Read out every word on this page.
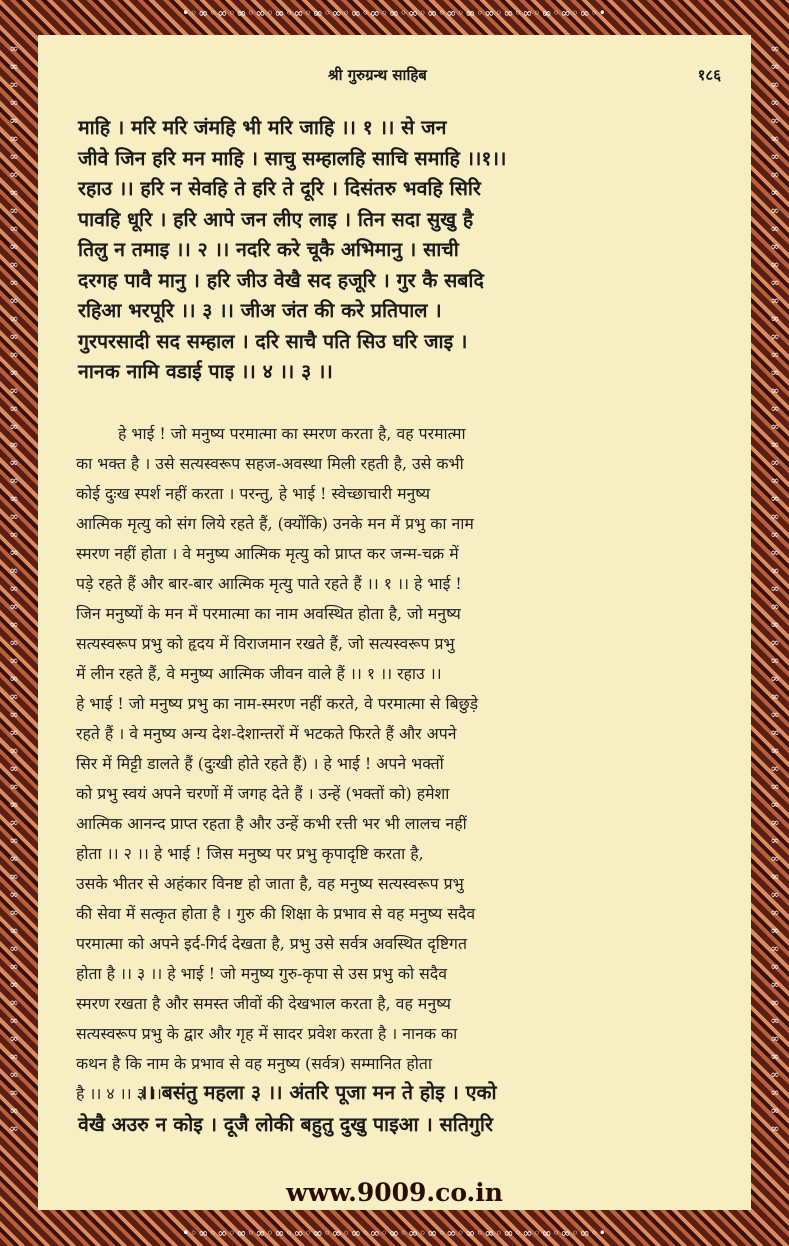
•◦∞◦∞◦∞◦∞◦∞◦∞◦∞◦∞◦∞◦∞◦∞◦∞◦∞◦∞◦∞◦∞◦∞◦∞◦∞◦∞◦∞◦•
•◦∞◦∞◦∞◦∞◦∞◦∞◦∞◦∞◦∞◦∞◦∞◦∞◦∞◦∞◦∞◦∞◦∞◦∞◦∞◦∞◦∞◦•
∞ ∞ ∞ ∞ ∞ ∞ ∞ ∞ ∞ ∞ ∞ ∞ ∞ ∞ ∞ ∞ ∞ ∞ ∞ ∞ ∞ ∞ ∞ ∞ ∞ ∞ ∞ ∞ ∞ ∞ ∞ ∞ ∞ ∞ ∞ ∞ ∞ ∞ ∞ ∞ ∞ ∞ ∞ ∞ ∞ ∞ ∞ ∞ ∞ ∞ ∞ ∞ ∞ ∞ ∞ ∞ ∞ ∞ ∞ ∞ ∞
∞ ∞ ∞ ∞ ∞ ∞ ∞ ∞ ∞ ∞ ∞ ∞ ∞ ∞ ∞ ∞ ∞ ∞ ∞ ∞ ∞ ∞ ∞ ∞ ∞ ∞ ∞ ∞ ∞ ∞ ∞ ∞ ∞ ∞ ∞ ∞ ∞ ∞ ∞ ∞ ∞ ∞ ∞ ∞ ∞ ∞ ∞ ∞ ∞ ∞ ∞ ∞ ∞ ∞ ∞ ∞ ∞ ∞ ∞ ∞ ∞
श्री गुरुग्रन्थ साहिब	१८६
माहि । मरि मरि जंमहि भी मरि जाहि ।। १ ।। से जन
जीवे जिन हरि मन माहि । साचु सम्हालहि साचि समाहि ।।१।।
रहाउ ।। हरि न सेवहि ते हरि ते दूरि । दिसंतरु भवहि सिरि
पावहि धूरि । हरि आपे जन लीए लाइ । तिन सदा सुखु है
तिलु न तमाइ ।। २ ।। नदरि करे चूकै अभिमानु । साची
दरगह पावै मानु । हरि जीउ वेखै सद हजूरि । गुर कै सबदि
रहिआ भरपूरि ।। ३ ।। जीअ जंत की करे प्रतिपाल ।
गुरपरसादी सद सम्हाल । दरि साचै पति सिउ घरि जाइ ।
नानक नामि वडाई पाइ ।। ४ ।। ३ ।।
हे भाई ! जो मनुष्य परमात्मा का स्मरण करता है, वह परमात्मा
का भक्त है । उसे सत्यस्वरूप सहज-अवस्था मिली रहती है, उसे कभी
कोई दुःख स्पर्श नहीं करता । परन्तु, हे भाई ! स्वेच्छाचारी मनुष्य
आत्मिक मृत्यु को संग लिये रहते हैं, (क्योंकि) उनके मन में प्रभु का नाम
स्मरण नहीं होता । वे मनुष्य आत्मिक मृत्यु को प्राप्त कर जन्म-चक्र में
पड़े रहते हैं और बार-बार आत्मिक मृत्यु पाते रहते हैं ।। १ ।। हे भाई !
जिन मनुष्यों के मन में परमात्मा का नाम अवस्थित होता है, जो मनुष्य
सत्यस्वरूप प्रभु को हृदय में विराजमान रखते हैं, जो सत्यस्वरूप प्रभु
में लीन रहते हैं, वे मनुष्य आत्मिक जीवन वाले हैं ।। १ ।। रहाउ ।।
हे भाई ! जो मनुष्य प्रभु का नाम-स्मरण नहीं करते, वे परमात्मा से बिछुड़े
रहते हैं । वे मनुष्य अन्य देश-देशान्तरों में भटकते फिरते हैं और अपने
सिर में मिट्टी डालते हैं (दुःखी होते रहते हैं) । हे भाई ! अपने भक्तों
को प्रभु स्वयं अपने चरणों में जगह देते हैं । उन्हें (भक्तों को) हमेशा
आत्मिक आनन्द प्राप्त रहता है और उन्हें कभी रत्ती भर भी लालच नहीं
होता ।। २ ।। हे भाई ! जिस मनुष्य पर प्रभु कृपादृष्टि करता है,
उसके भीतर से अहंकार विनष्ट हो जाता है, वह मनुष्य सत्यस्वरूप प्रभु
की सेवा में सत्कृत होता है । गुरु की शिक्षा के प्रभाव से वह मनुष्य सदैव
परमात्मा को अपने इर्द-गिर्द देखता है, प्रभु उसे सर्वत्र अवस्थित दृष्टिगत
होता है ।। ३ ।। हे भाई ! जो मनुष्य गुरु-कृपा से उस प्रभु को सदैव
स्मरण रखता है और समस्त जीवों की देखभाल करता है, वह मनुष्य
सत्यस्वरूप प्रभु के द्वार और गृह में सादर प्रवेश करता है । नानक का
कथन है कि नाम के प्रभाव से वह मनुष्य (सर्वत्र) सम्मानित होता
है ।। ४ ।। ३ ।।
।। बसंतु महला ३ ।। अंतरि पूजा मन ते होइ । एको
वेखै अउरु न कोइ । दूजै लोकी बहुतु दुखु पाइआ । सतिगुरि
www.9009.co.in
